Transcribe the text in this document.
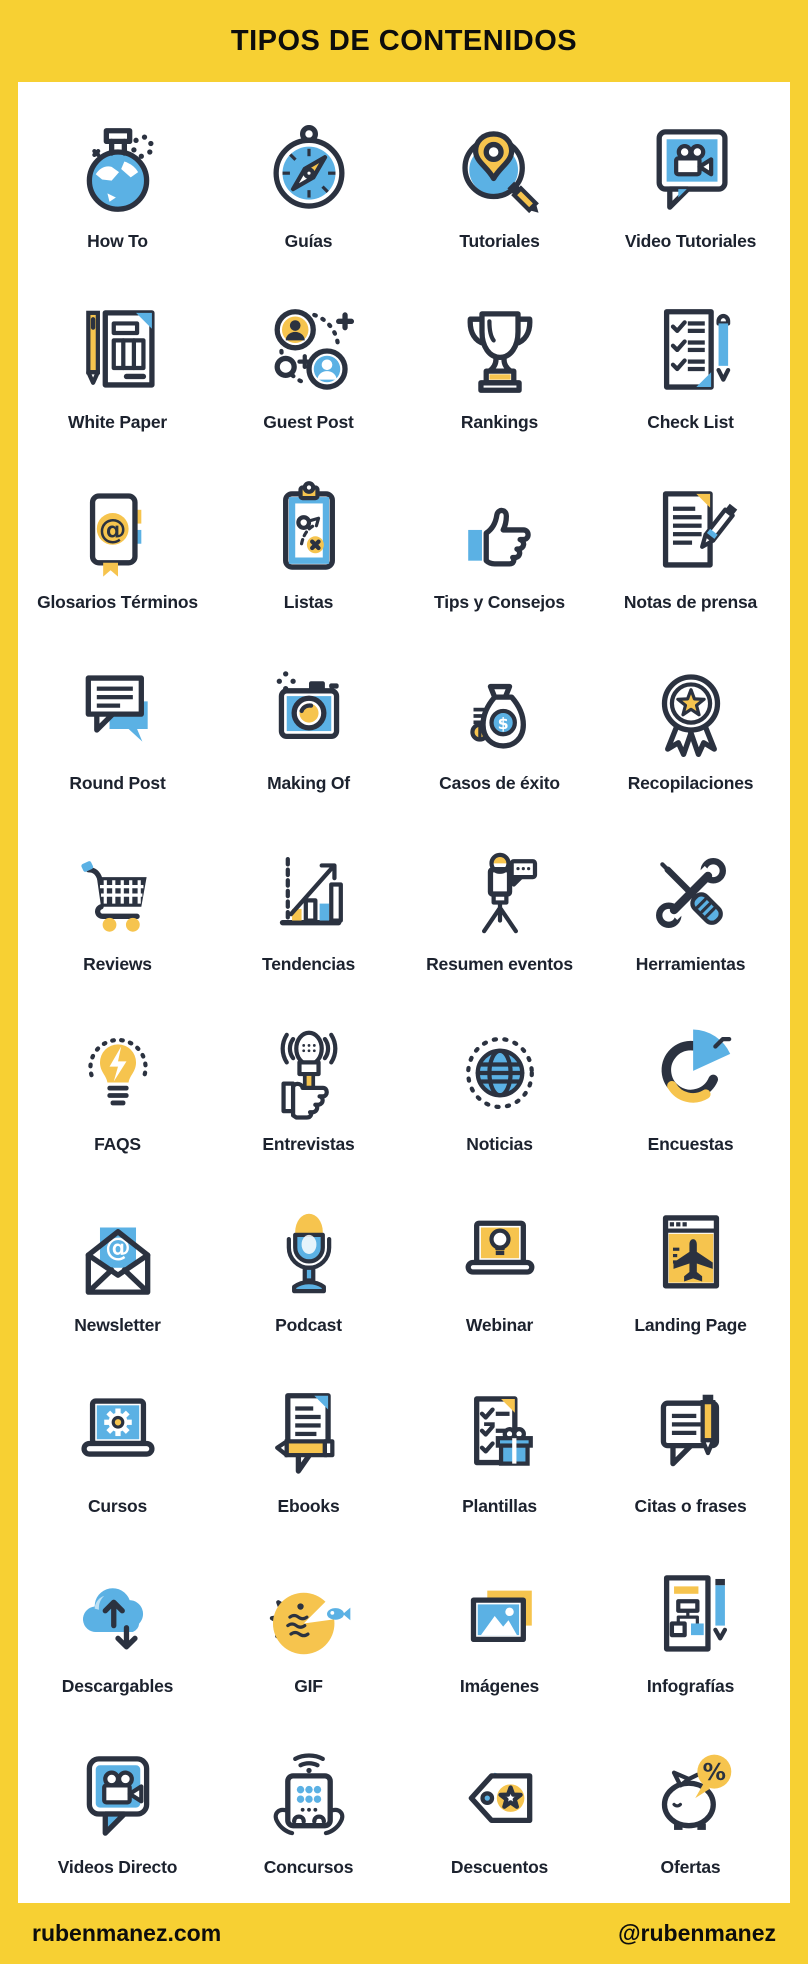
TIPOS DE CONTENIDOS
How To	Guías	Tutoriales	Video Tutoriales
White Paper	Guest Post	Rankings	Check List
@
Glosarios Términos	Listas	Tips y Consejos	Notas de prensa
Round Post	Making Of
$
Casos de éxito	Recopilaciones
Reviews	Tendencias	Resumen eventos	Herramientas
FAQS	Entrevistas	Noticias	Encuestas
@
Newsletter	Podcast	Webinar	Landing Page
Cursos	Ebooks	Plantillas	Citas o frases
Descargables	GIF	Imágenes	Infografías
Videos Directo	Concursos	Descuentos
%
Ofertas
rubenmanez.com	@rubenmanez
